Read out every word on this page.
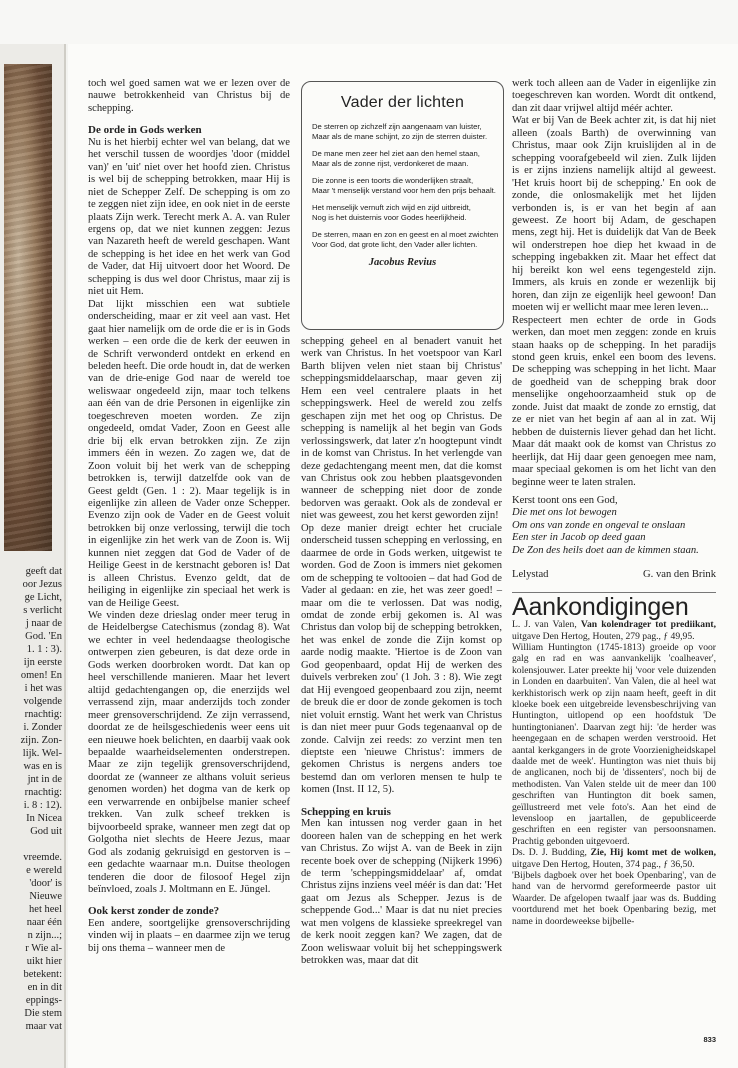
geeft dat
oor Jezus
ge Licht,
s verlicht
j naar de
God. 'En
1. 1 : 3).
ijn eerste
omen! En
i het was
volgende
rnachtig:
i. Zonder
zijn. Zon-
lijk. Wel-
was en is
jnt in de
rnachtig:
i. 8 : 12).
In Nicea
God uit

vreemde.
e wereld
'door' is
Nieuwe
het heel
naar één
n zijn...;
r Wie al-
uikt hier
betekent:
en in dit
eppings-
Die stem
maar vat

toch wel goed samen wat we er lezen over de nauwe betrokkenheid van Christus bij de schepping.

De orde in Gods werken

Nu is het hierbij echter wel van belang, dat we het verschil tussen de woordjes 'door (middel van)' en 'uit' niet over het hoofd zien. Christus is wel bij de schepping betrokken, maar Hij is niet de Schepper Zelf. De schepping is om zo te zeggen niet zijn idee, en ook niet in de eerste plaats Zijn werk. Terecht merk A. A. van Ruler ergens op, dat we niet kunnen zeggen: Jezus van Nazareth heeft de wereld geschapen. Want de schepping is het idee en het werk van God de Vader, dat Hij uitvoert door het Woord. De schepping is dus wel door Christus, maar zij is niet uit Hem.

Dat lijkt misschien een wat subtiele onderscheiding, maar er zit veel aan vast. Het gaat hier namelijk om de orde die er is in Gods werken – een orde die de kerk der eeuwen in de Schrift verwonderd ontdekt en erkend en beleden heeft. Die orde houdt in, dat de werken van de drie-enige God naar de wereld toe weliswaar ongedeeld zijn, maar toch telkens aan één van de drie Personen in eigenlijke zin toegeschreven moeten worden. Ze zijn ongedeeld, omdat Vader, Zoon en Geest alle drie bij elk ervan betrokken zijn. Ze zijn immers één in wezen. Zo zagen we, dat de Zoon voluit bij het werk van de schepping betrokken is, terwijl datzelfde ook van de Geest geldt (Gen. 1 : 2). Maar tegelijk is in eigenlijke zin alleen de Vader onze Schepper. Evenzo zijn ook de Vader en de Geest voluit betrokken bij onze verlossing, terwijl die toch in eigenlijke zin het werk van de Zoon is. Wij kunnen niet zeggen dat God de Vader of de Heilige Geest in de kerstnacht geboren is! Dat is alleen Christus. Evenzo geldt, dat de heiliging in eigenlijke zin speciaal het werk is van de Heilige Geest.

We vinden deze drieslag onder meer terug in de Heidelbergse Catechismus (zondag 8). Wat we echter in veel hedendaagse theologische ontwerpen zien gebeuren, is dat deze orde in Gods werken doorbroken wordt. Dat kan op heel verschillende manieren. Maar het levert altijd gedachtengangen op, die enerzijds wel verrassend zijn, maar anderzijds toch zonder meer grensoverschrijdend. Ze zijn verrassend, doordat ze de heilsgeschiedenis weer eens uit een nieuwe hoek belichten, en daarbij vaak ook bepaalde waarheidselementen onderstrepen. Maar ze zijn tegelijk grensoverschrijdend, doordat ze (wanneer ze althans voluit serieus genomen worden) het dogma van de kerk op een verwarrende en onbijbelse manier scheef trekken. Van zulk scheef trekken is bijvoorbeeld sprake, wanneer men zegt dat op Golgotha niet slechts de Heere Jezus, maar God als zodanig gekruisigd en gestorven is – een gedachte waarnaar m.n. Duitse theologen tenderen die door de filosoof Hegel zijn beïnvloed, zoals J. Moltmann en E. Jüngel.

Ook kerst zonder de zonde?

Een andere, soortgelijke grensoverschrijding vinden wij in plaats – en daarmee zijn we terug bij ons thema – wanneer men de

Vader der lichten

De sterren op zichzelf zijn aangenaam van luister,
Maar als de mane schijnt, zo zijn de sterren duister.

De mane men zeer hel ziet aan den hemel staan,
Maar als de zonne rijst, verdonkeret de maan.

Die zonne is een toorts die wonderlijken straalt,
Maar 't menselijk verstand voor hem den prijs behaalt.

Het menselijk vernuft zich wijd en zijd uitbreidt,
Nog is het duisternis voor Godes heerlijkheid.

De sterren, maan en zon en geest en al moet zwichten
Voor God, dat grote licht, den Vader aller lichten.

Jacobus Revius

schepping geheel en al benadert vanuit het werk van Christus. In het voetspoor van Karl Barth blijven velen niet staan bij Christus' scheppingsmiddelaarschap, maar geven zij Hem een veel centralere plaats in het scheppingswerk. Heel de wereld zou zelfs geschapen zijn met het oog op Christus. De schepping is namelijk al het begin van Gods verlossingswerk, dat later z'n hoogtepunt vindt in de komst van Christus. In het verlengde van deze gedachtengang meent men, dat die komst van Christus ook zou hebben plaatsgevonden wanneer de schepping niet door de zonde bedorven was geraakt. Ook als de zondeval er niet was geweest, zou het kerst geworden zijn!

Op deze manier dreigt echter het cruciale onderscheid tussen schepping en verlossing, en daarmee de orde in Gods werken, uitgewist te worden. God de Zoon is immers niet gekomen om de schepping te voltooien – dat had God de Vader al gedaan: en zie, het was zeer goed! – maar om die te verlossen. Dat was nodig, omdat de zonde erbij gekomen is. Al was Christus dan volop bij de schepping betrokken, het was enkel de zonde die Zijn komst op aarde nodig maakte. 'Hiertoe is de Zoon van God geopenbaard, opdat Hij de werken des duivels verbreken zou' (1 Joh. 3 : 8). Wie zegt dat Hij evengoed geopenbaard zou zijn, neemt de breuk die er door de zonde gekomen is toch niet voluit ernstig. Want het werk van Christus is dan niet meer puur Gods tegenaanval op de zonde. Calvijn zei reeds: zo verzint men ten dieptste een 'nieuwe Christus': immers de gekomen Christus is nergens anders toe bestemd dan om verloren mensen te hulp te komen (Inst. II 12, 5).

Schepping en kruis

Men kan intussen nog verder gaan in het dooreen halen van de schepping en het werk van Christus. Zo wijst A. van de Beek in zijn recente boek over de schepping (Nijkerk 1996) de term 'scheppingsmiddelaar' af, omdat Christus zijns inziens veel méér is dan dat: 'Het gaat om Jezus als Schepper. Jezus is de scheppende God...' Maar is dat nu niet precies wat men volgens de klassieke spreekregel van de kerk nooit zeggen kan? We zagen, dat de Zoon weliswaar voluit bij het scheppingswerk betrokken was, maar dat dit

werk toch alleen aan de Vader in eigenlijke zin toegeschreven kan worden. Wordt dit ontkend, dan zit daar vrijwel altijd méér achter.

Wat er bij Van de Beek achter zit, is dat hij niet alleen (zoals Barth) de overwinning van Christus, maar ook Zijn kruislijden al in de schepping voorafgebeeld wil zien. Zulk lijden is er zijns inziens namelijk altijd al geweest. 'Het kruis hoort bij de schepping.' En ook de zonde, die onlosmakelijk met het lijden verbonden is, is er van het begin af aan geweest. Ze hoort bij Adam, de geschapen mens, zegt hij. Het is duidelijk dat Van de Beek wil onderstrepen hoe diep het kwaad in de schepping ingebakken zit. Maar het effect dat hij bereikt kon wel eens tegengesteld zijn. Immers, als kruis en zonde er wezenlijk bij horen, dan zijn ze eigenlijk heel gewoon! Dan moeten wij er wellicht maar mee leren leven...

Respecteert men echter de orde in Gods werken, dan moet men zeggen: zonde en kruis staan haaks op de schepping. In het paradijs stond geen kruis, enkel een boom des levens. De schepping was schepping in het licht. Maar de goedheid van de schepping brak door menselijke ongehoorzaamheid stuk op de zonde. Juist dat maakt de zonde zo ernstig, dat ze er niet van het begin af aan al in zat. Wij hebben de duisternis liever gehad dan het licht. Maar dát maakt ook de komst van Christus zo heerlijk, dat Hij daar geen genoegen mee nam, maar speciaal gekomen is om het licht van den beginne weer te laten stralen.

Kerst toont ons een God,
Die met ons lot bewogen
Om ons van zonde en ongeval te onslaan
Een ster in Jacob op deed gaan
De Zon des heils doet aan de kimmen staan.
Lelystad	G. van den Brink
Aankondigingen

L. J. van Valen, Van kolendrager tot prediikant, uitgave Den Hertog, Houten, 279 pag., ƒ 49,95.

William Huntington (1745-1813) groeide op voor galg en rad en was aanvankelijk 'coalheaver', kolensjouwer. Later preekte hij 'voor vele duizenden in Londen en daarbuiten'. Van Valen, die al heel wat kerkhistorisch werk op zijn naam heeft, geeft in dit kloeke boek een uitgebreide levensbeschrijving van Huntington, uitlopend op een hoofdstuk 'De huntingtonianen'. Daarvan zegt hij: 'de herder was heengegaan en de schapen werden verstrooid. Het aantal kerkgangers in de grote Voorzienigheidskapel daalde met de week'. Huntington was niet thuis bij de anglicanen, noch bij de 'dissenters', noch bij de methodisten. Van Valen stelde uit de meer dan 100 geschriften van Huntington dit boek samen, geïllustreerd met vele foto's. Aan het eind de levensloop en jaartallen, de gepubliceerde geschriften en een register van persoonsnamen. Prachtig gebonden uitgevoerd.

Ds. D. J. Budding, Zie, Hij komt met de wolken, uitgave Den Hertog, Houten, 374 pag., ƒ 36,50.

'Bijbels dagboek over het boek Openbaring', van de hand van de hervormd gereformeerde pastor uit Waarder. De afgelopen twaalf jaar was ds. Budding voortdurend met het boek Openbaring bezig, met name in doordeweekse bijbelle-

833
